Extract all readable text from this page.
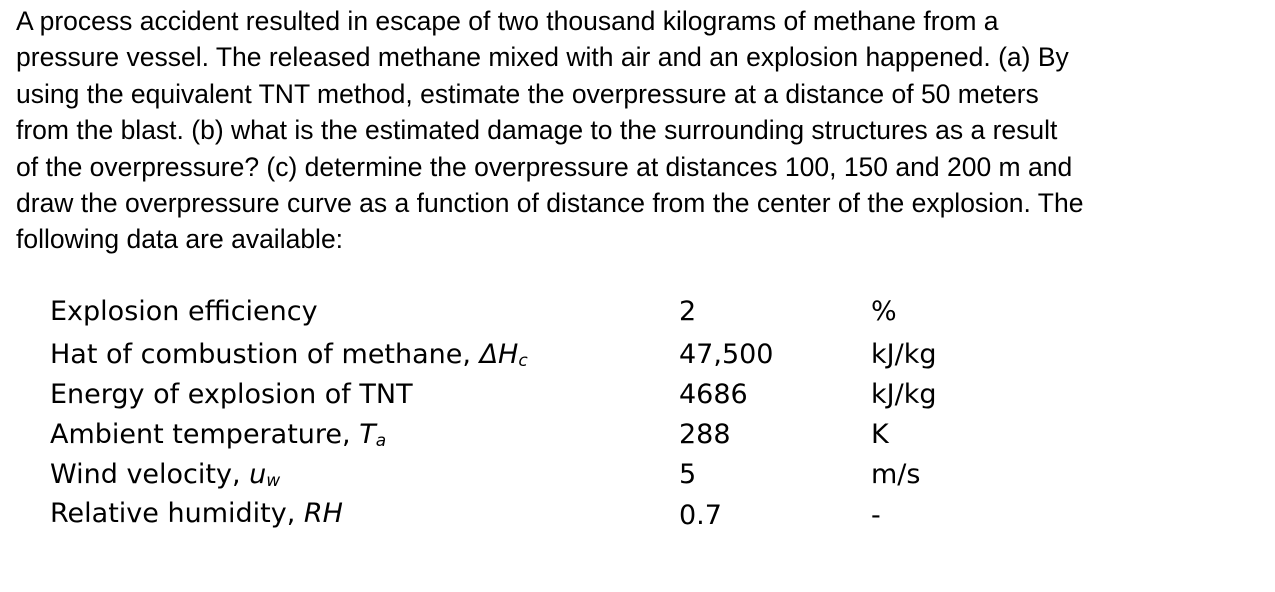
A process accident resulted in escape of two thousand kilograms of methane from a
pressure vessel. The released methane mixed with air and an explosion happened. (a) By
using the equivalent TNT method, estimate the overpressure at a distance of 50 meters
from the blast. (b) what is the estimated damage to the surrounding structures as a result
of the overpressure? (c) determine the overpressure at distances 100, 150 and 200 m and
draw the overpressure curve as a function of distance from the center of the explosion. The
following data are available:
Explosion efficiency	2	%
Hat of combustion of methane, ΔHc	47,500	kJ/kg
Energy of explosion of TNT	4686	kJ/kg
Ambient temperature, Ta	288	K
Wind velocity, uw	5	m/s
Relative humidity, RH	0.7	-
